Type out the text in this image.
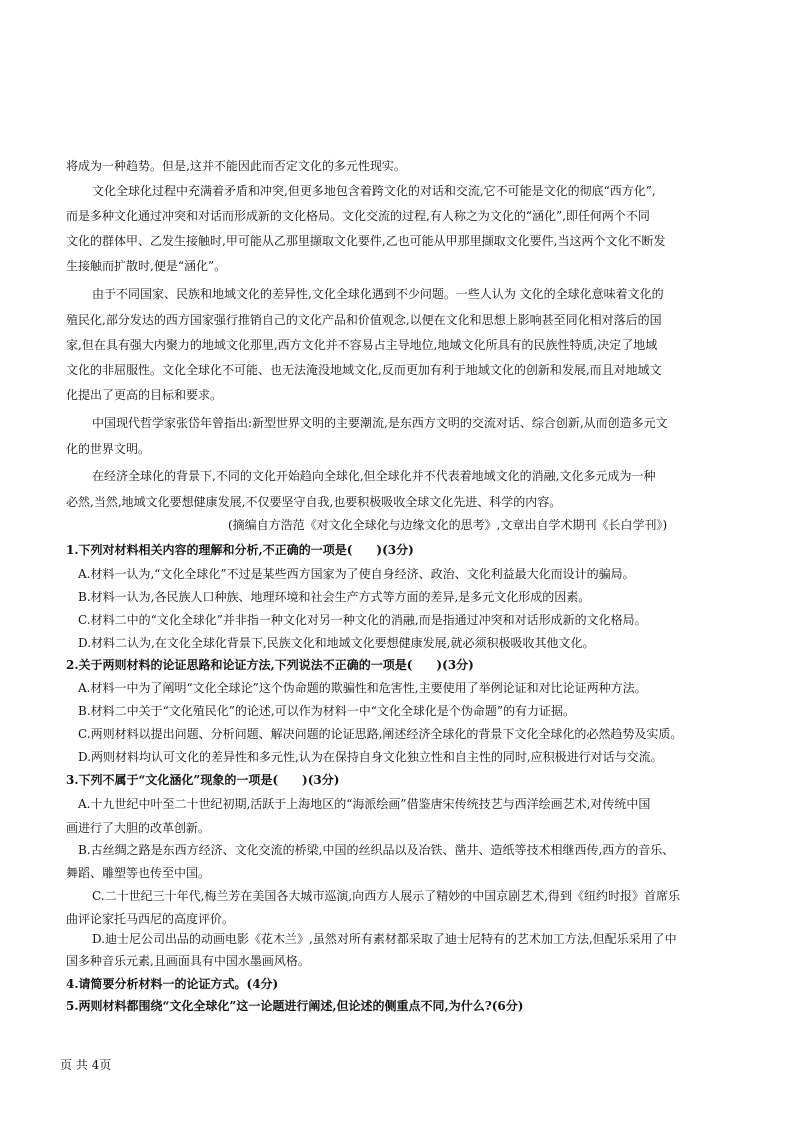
将成为一种趋势。但是,这并不能因此而否定文化的多元性现实。
文化全球化过程中充满着矛盾和冲突,但更多地包含着跨文化的对话和交流,它不可能是文化的彻底“西方化”,
而是多种文化通过冲突和对话而形成新的文化格局。文化交流的过程,有人称之为文化的“涵化”,即任何两个不同
文化的群体甲、乙发生接触时,甲可能从乙那里撷取文化要件,乙也可能从甲那里撷取文化要件,当这两个文化不断发
生接触而扩散时,便是“涵化”。
由于不同国家、民族和地域文化的差异性,文化全球化遇到不少问题。一些人认为 文化的全球化意味着文化的
殖民化,部分发达的西方国家强行推销自己的文化产品和价值观念,以便在文化和思想上影响甚至同化相对落后的国
家,但在具有强大内聚力的地域文化那里,西方文化并不容易占主导地位,地域文化所具有的民族性特质,决定了地域
文化的非屈服性。文化全球化不可能、也无法淹没地域文化,反而更加有利于地域文化的创新和发展,而且对地域文
化提出了更高的目标和要求。
中国现代哲学家张岱年曾指出:新型世界文明的主要潮流,是东西方文明的交流对话、综合创新,从而创造多元文
化的世界文明。
在经济全球化的背景下,不同的文化开始趋向全球化,但全球化并不代表着地域文化的消融,文化多元成为一种
必然,当然,地域文化要想健康发展,不仅要坚守自我,也要积极吸收全球文化先进、科学的内容。
(摘编自方浩范《对文化全球化与边缘文化的思考》,文章出自学术期刊《长白学刊》)
1.下列对材料相关内容的理解和分析,不正确的一项是(　　)(3分)
A.材料一认为,“文化全球化”不过是某些西方国家为了使自身经济、政治、文化利益最大化而设计的骗局。
B.材料一认为,各民族人口种族、地理环境和社会生产方式等方面的差异,是多元文化形成的因素。
C.材料二中的“文化全球化”并非指一种文化对另一种文化的消融,而是指通过冲突和对话形成新的文化格局。
D.材料二认为,在文化全球化背景下,民族文化和地域文化要想健康发展,就必须积极吸收其他文化。
2.关于两则材料的论证思路和论证方法,下列说法不正确的一项是(　　)(3分)
A.材料一中为了阐明“文化全球论”这个伪命题的欺骗性和危害性,主要使用了举例论证和对比论证两种方法。
B.材料二中关于“文化殖民化”的论述,可以作为材料一中“文化全球化是个伪命题”的有力证据。
C.两则材料以提出问题、分析问题、解决问题的论证思路,阐述经济全球化的背景下文化全球化的必然趋势及实质。
D.两则材料均认可文化的差异性和多元性,认为在保持自身文化独立性和自主性的同时,应积极进行对话与交流。
3.下列不属于“文化涵化”现象的一项是(　　)(3分)
A.十九世纪中叶至二十世纪初期,活跃于上海地区的“海派绘画”借鉴唐宋传统技艺与西洋绘画艺术,对传统中国
画进行了大胆的改革创新。
B.古丝绸之路是东西方经济、文化交流的桥梁,中国的丝织品以及冶铁、凿井、造纸等技术相继西传,西方的音乐、
舞蹈、雕塑等也传至中国。
C.二十世纪三十年代,梅兰芳在美国各大城市巡演,向西方人展示了精妙的中国京剧艺术,得到《纽约时报》首席乐
曲评论家托马西尼的高度评价。
D.迪士尼公司出品的动画电影《花木兰》,虽然对所有素材都采取了迪士尼特有的艺术加工方法,但配乐采用了中
国多种音乐元素,且画面具有中国水墨画风格。
4.请简要分析材料一的论证方式。(4分)
5.两则材料都围绕“文化全球化”这一论题进行阐述,但论述的侧重点不同,为什么?(6分)
页 共 4页
